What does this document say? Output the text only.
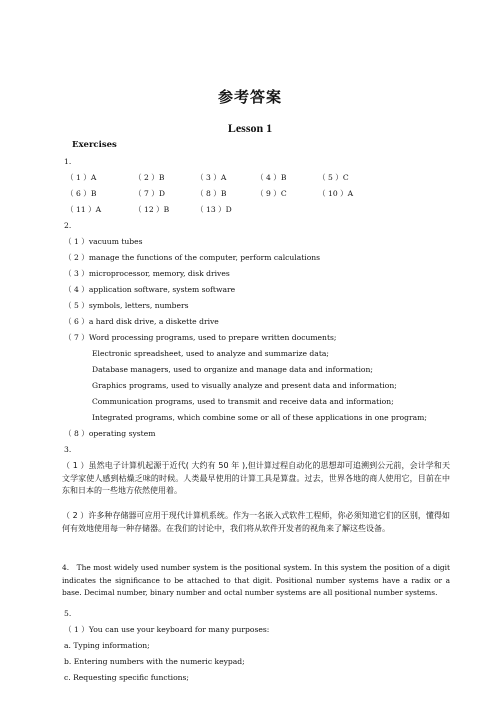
参考答案
Lesson 1
Exercises
1.
（ 1 ）A	（ 2 ）B	（ 3 ）A	（ 4 ）B	（ 5 ）C
（ 6 ）B	（ 7 ）D	（ 8 ）B	（ 9 ）C	（ 10 ）A
（ 11 ）A	（ 12 ）B	（ 13 ）D
2.
（ 1 ）vacuum tubes
（ 2 ）manage the functions of the computer, perform calculations
（ 3 ）microprocessor, memory, disk drives
（ 4 ）application software, system software
（ 5 ）symbols, letters, numbers
（ 6 ）a hard disk drive, a diskette drive
（ 7 ）Word processing programs, used to prepare written documents;
Electronic spreadsheet, used to analyze and summarize data;
Database managers, used to organize and manage data and information;
Graphics programs, used to visually analyze and present data and information;
Communication programs, used to transmit and receive data and information;
Integrated programs, which combine some or all of these applications in one program;
（ 8 ）operating system
3.
（ 1 ）虽然电子计算机起源于近代( 大约有 50 年 ),但计算过程自动化的思想却可追溯到公元前，会计学和天文学家使人感到枯燥乏味的时候。人类最早使用的计算工具是算盘。过去，世界各地的商人使用它，目前在中东和日本的一些地方依然使用着。
（ 2 ）许多种存储器可应用于现代计算机系统。作为一名嵌入式软件工程师，你必须知道它们的区别，懂得如何有效地使用每一种存储器。在我们的讨论中，我们将从软件开发者的视角来了解这些设备。
4.　The most widely used number system is the positional system. In this system the position of a digit indicates the significance to be attached to that digit. Positional number systems have a radix or a base. Decimal number, binary number and octal number systems are all positional number systems.
5.
（ 1 ）You can use your keyboard for many purposes:
a. Typing information;
b. Entering numbers with the numeric keypad;
c. Requesting specific functions;
